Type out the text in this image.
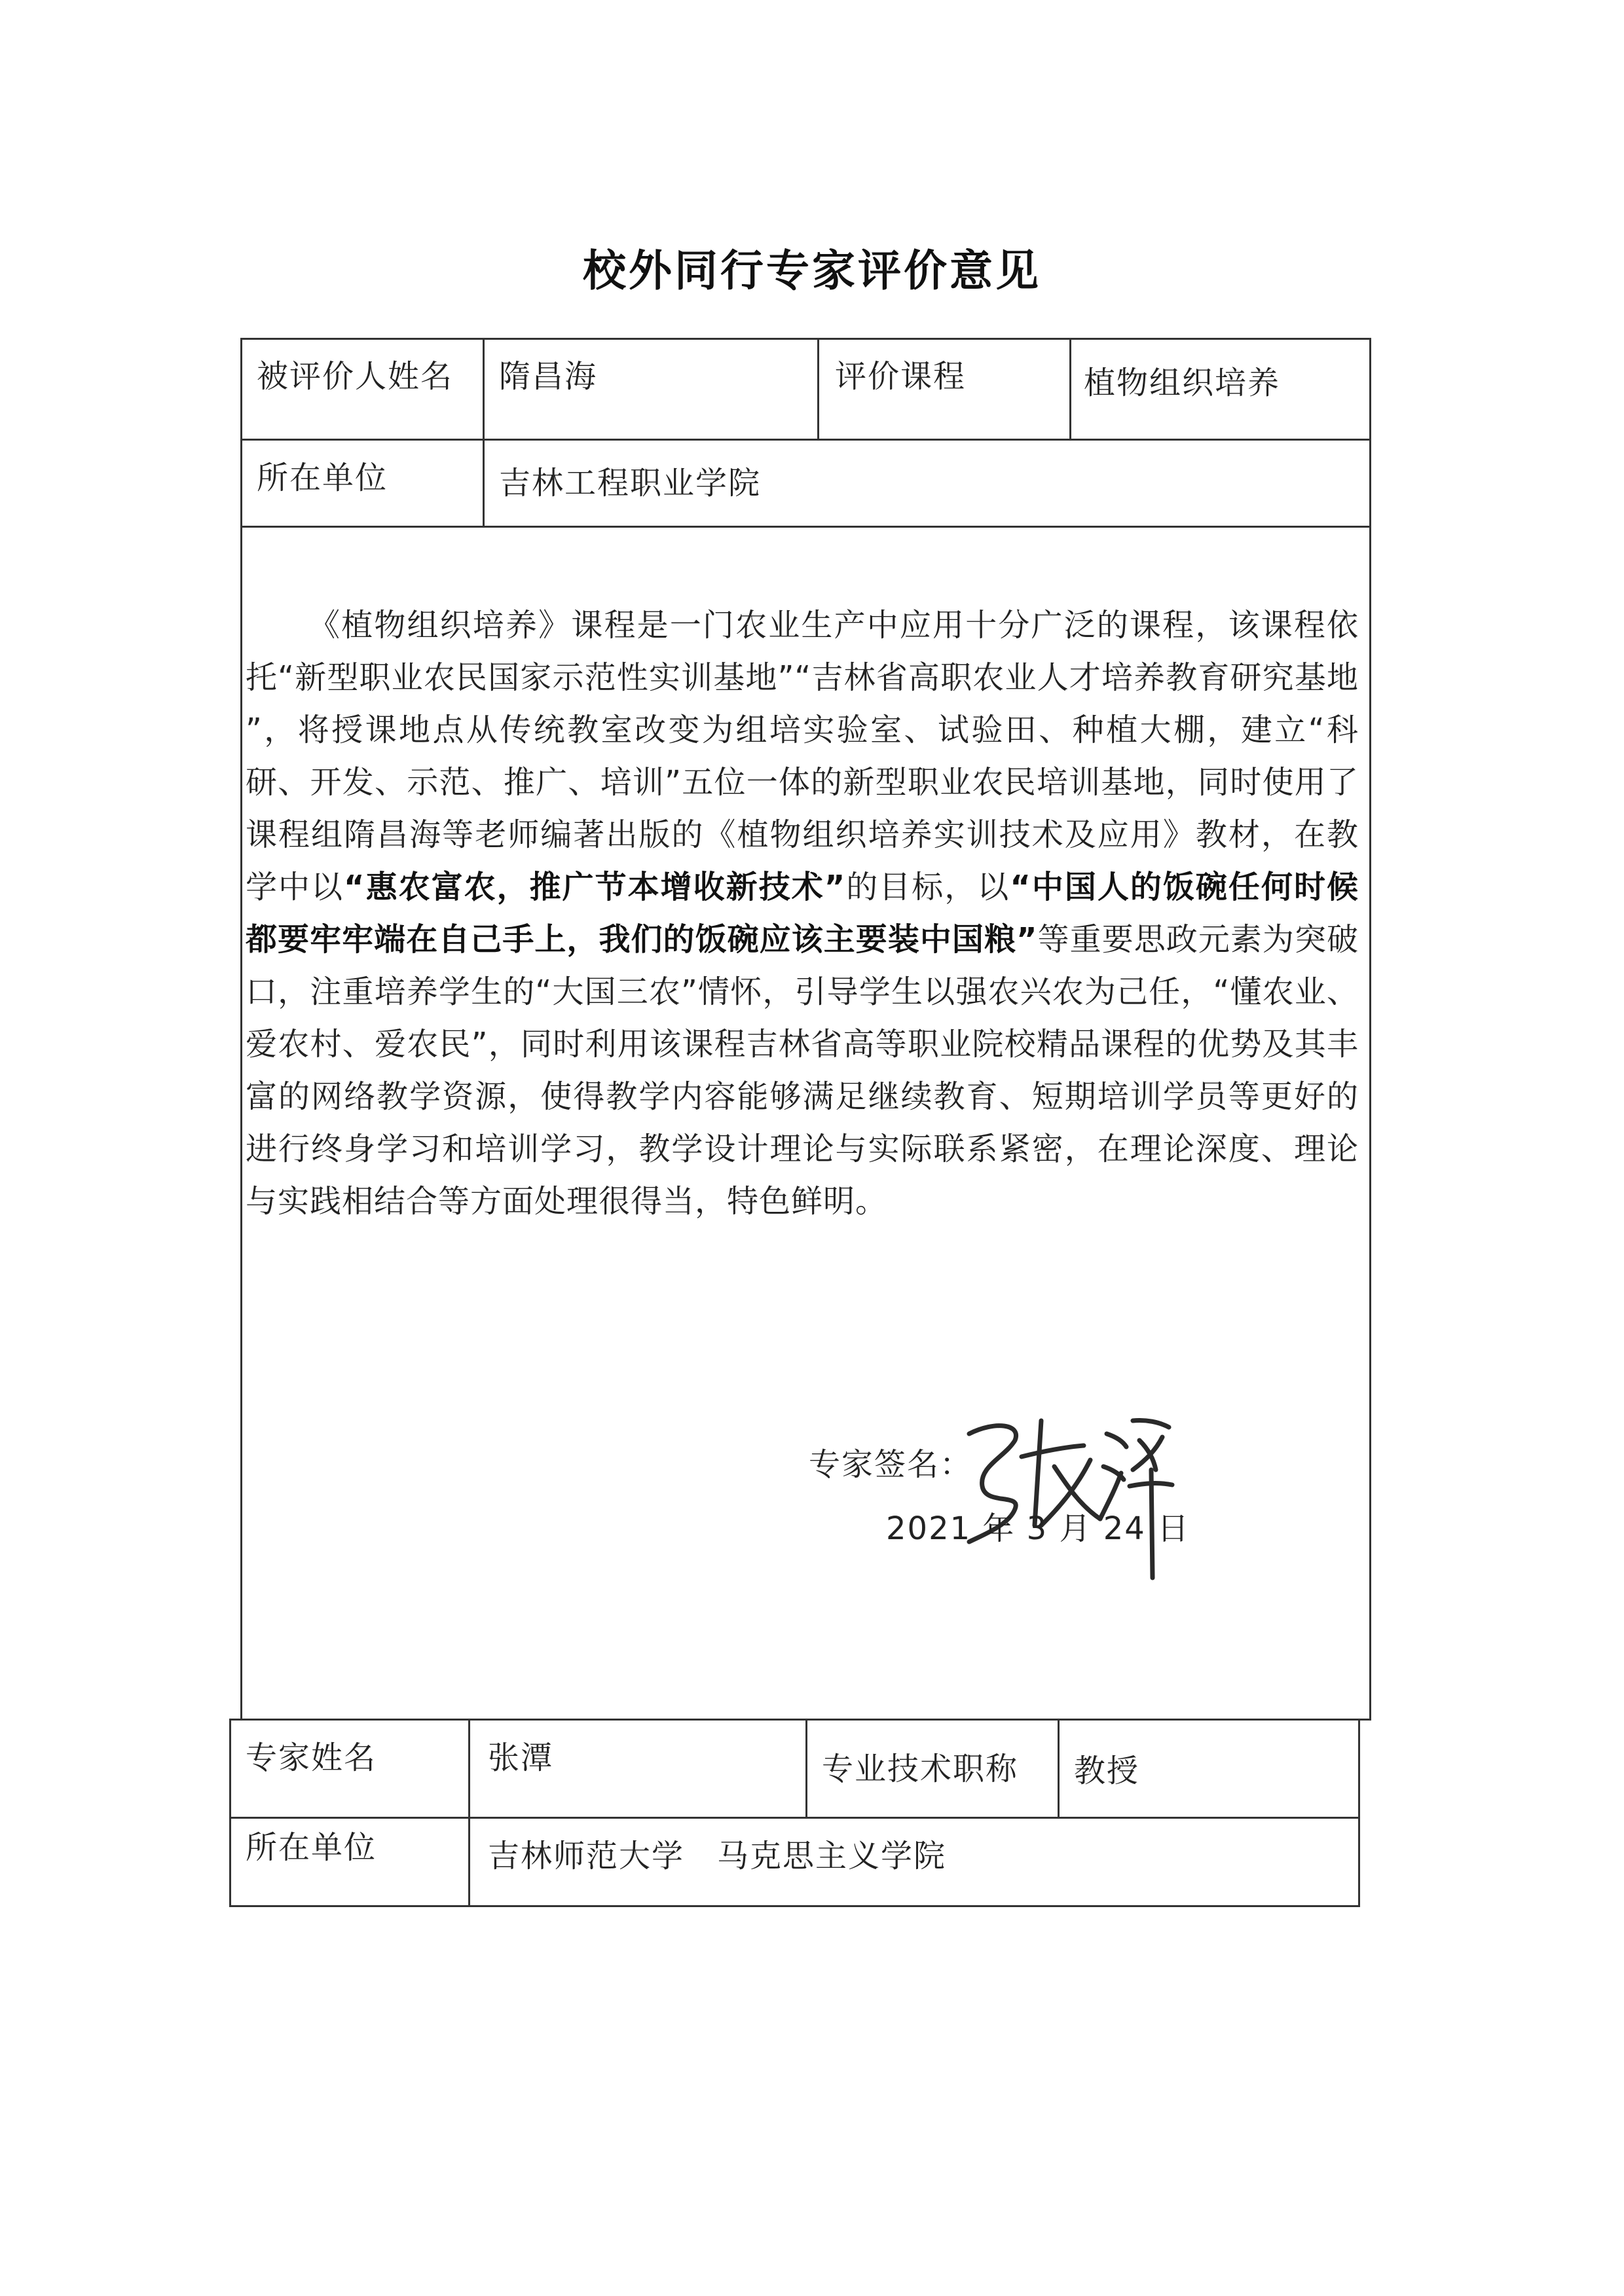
校外同行专家评价意见
被评价人姓名 隋昌海	评价课程	植物组织培养
所在单位	吉林工程职业学院

《植物组织培养》课程是一门农业生产中应用十分广泛的课程，该课程依托“新型职业农民国家示范性实训基地”“吉林省高职农业人才培养教育研究基地 ”，将授课地点从传统教室改变为组培实验室、试验田、种植大棚，建立“科研、开发、示范、推广、培训”五位一体的新型职业农民培训基地，同时使用了课程组隋昌海等老师编著出版的《植物组织培养实训技术及应用》教材，在教学中以“惠农富农，推广节本增收新技术”的目标，以“中国人的饭碗任何时候都要牢牢端在自己手上，我们的饭碗应该主要装中国粮”等重要思政元素为突破口，注重培养学生的“大国三农”情怀，引导学生以强农兴农为己任，“懂农业、爱农村、爱农民”，同时利用该课程吉林省高等职业院校精品课程的优势及其丰富的网络教学资源，使得教学内容能够满足继续教育、短期培训学员等更好的进行终身学习和培训学习，教学设计理论与实际联系紧密，在理论深度、理论与实践相结合等方面处理很得当，特色鲜明。

专家签名：
2021 年 3 月 24 日
专家姓名	张潭	专业技术职称 教授
所在单位	吉林师范大学　马克思主义学院
